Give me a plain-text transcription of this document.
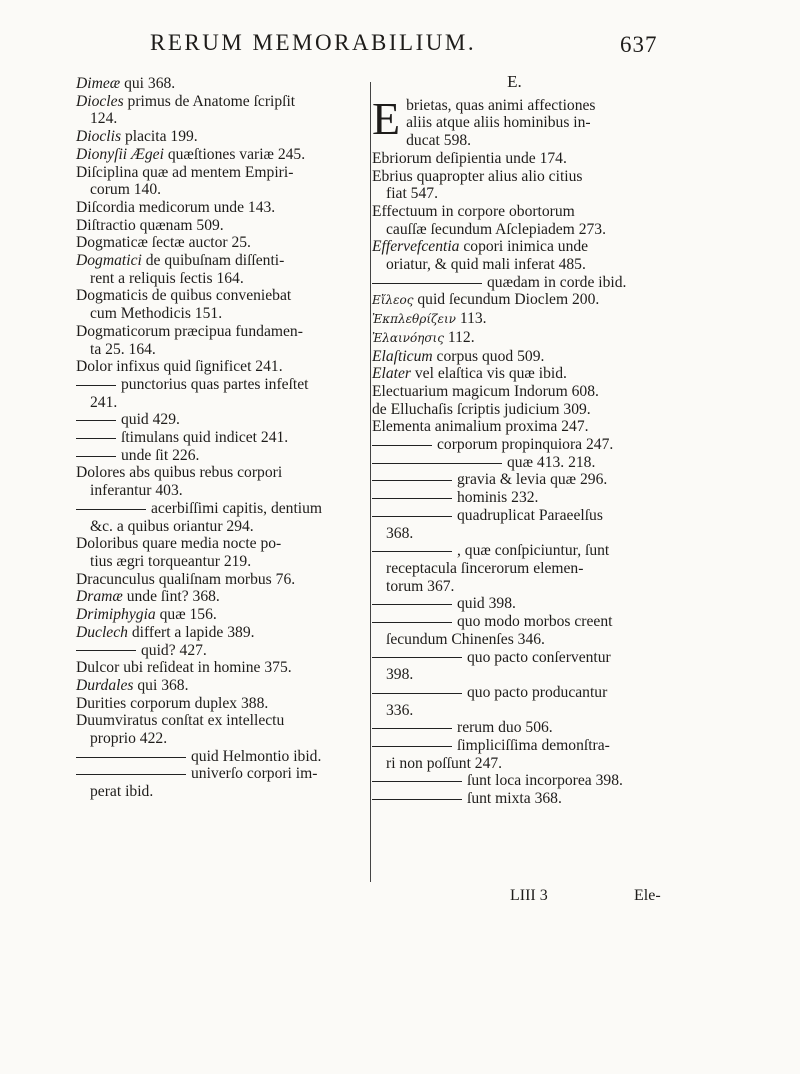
RERUM MEMORABILIUM.	637
Dimeæ qui 368.
Diocles primus de Anatome ſcripſit
124.
Dioclis placita 199.
Dionyſii Ægei quæſtiones variæ 245.
Diſciplina quæ ad mentem Empiri-
corum 140.
Diſcordia medicorum unde 143.
Diſtractio quænam 509.
Dogmaticæ ſectæ auctor 25.
Dogmatici de quibuſnam diſſenti-
rent a reliquis ſectis 164.
Dogmaticis de quibus conveniebat
cum Methodicis 151.
Dogmaticorum præcipua fundamen-
ta 25. 164.
Dolor infixus quid ſignificet 241.
punctorius quas partes infeſtet
241.
quid 429.
ſtimulans quid indicet 241.
unde ſit 226.
Dolores abs quibus rebus corpori
inferantur 403.
acerbiſſimi capitis, dentium
&c. a quibus oriantur 294.
Doloribus quare media nocte po-
tius ægri torqueantur 219.
Dracunculus qualiſnam morbus 76.
Dramæ unde ſint? 368.
Drimiphygia quæ 156.
Duclech differt a lapide 389.
quid? 427.
Dulcor ubi reſideat in homine 375.
Durdales qui 368.
Durities corporum duplex 388.
Duumviratus conſtat ex intellectu
proprio 422.
quid Helmontio ibid.
univerſo corpori im-
perat ibid.
E.
E brietas, quas animi affectiones
aliis atque aliis hominibus in-
ducat 598.
Ebriorum deſipientia unde 174.
Ebrius quapropter alius alio citius
fiat 547.
Effectuum in corpore obortorum
cauſſæ ſecundum Aſclepiadem 273.
Effervefcentia copori inimica unde
oriatur, & quid mali inferat 485.
quædam in corde ibid.
Εἴλεος quid ſecundum Dioclem 200.
Ἐκπλεθρίζειν 113.
Ἐλαινόησις 112.
Elaſticum corpus quod 509.
Elater vel elaſtica vis quæ ibid.
Electuarium magicum Indorum 608.
de Elluchaſis ſcriptis judicium 309.
Elementa animalium proxima 247.
corporum propinquiora 247.
quæ 413. 218.
gravia & levia quæ 296.
hominis 232.
quadruplicat Paraeelſus
368.
, quæ conſpiciuntur, ſunt
receptacula ſincerorum elemen-
torum 367.
quid 398.
quo modo morbos creent
ſecundum Chinenſes 346.
quo pacto conſerventur
398.
quo pacto producantur
336.
rerum duo 506.
ſimpliciſſima demonſtra-
ri non poſſunt 247.
ſunt loca incorporea 398.
ſunt mixta 368.
LIII 3	Ele-
